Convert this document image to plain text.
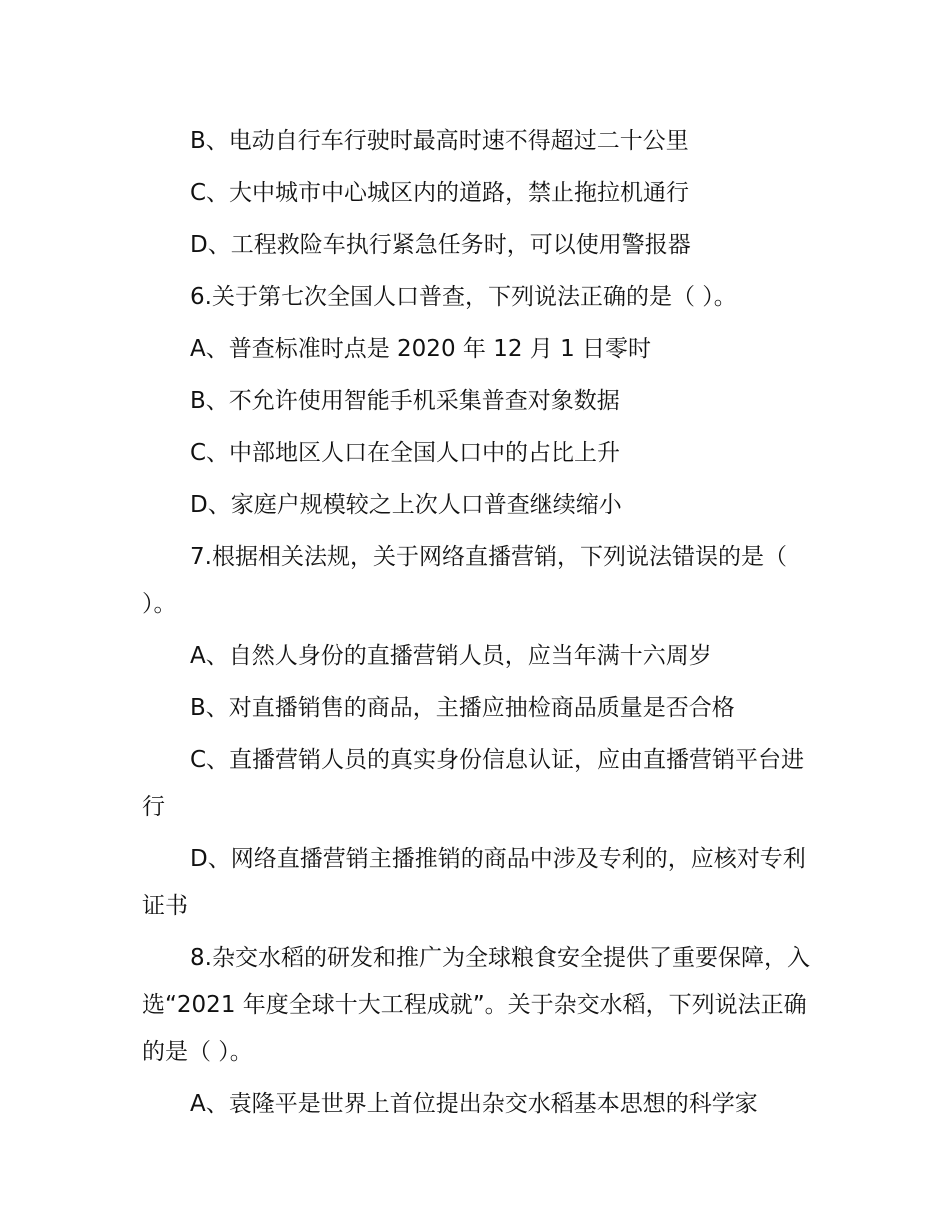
B、电动自行车行驶时最高时速不得超过二十公里

C、大中城市中心城区内的道路，禁止拖拉机通行

D、工程救险车执行紧急任务时，可以使用警报器

6.关于第七次全国人口普查，下列说法正确的是（ ）。

A、普查标准时点是 2020 年 12 月 1 日零时

B、不允许使用智能手机采集普查对象数据

C、中部地区人口在全国人口中的占比上升

D、家庭户规模较之上次人口普查继续缩小

7.根据相关法规，关于网络直播营销，下列说法错误的是（ ）。

A、自然人身份的直播营销人员，应当年满十六周岁

B、对直播销售的商品，主播应抽检商品质量是否合格

C、直播营销人员的真实身份信息认证，应由直播营销平台进行

D、网络直播营销主播推销的商品中涉及专利的，应核对专利证书

8.杂交水稻的研发和推广为全球粮食安全提供了重要保障，入选“2021 年度全球十大工程成就”。关于杂交水稻，下列说法正确的是（ ）。

A、袁隆平是世界上首位提出杂交水稻基本思想的科学家
